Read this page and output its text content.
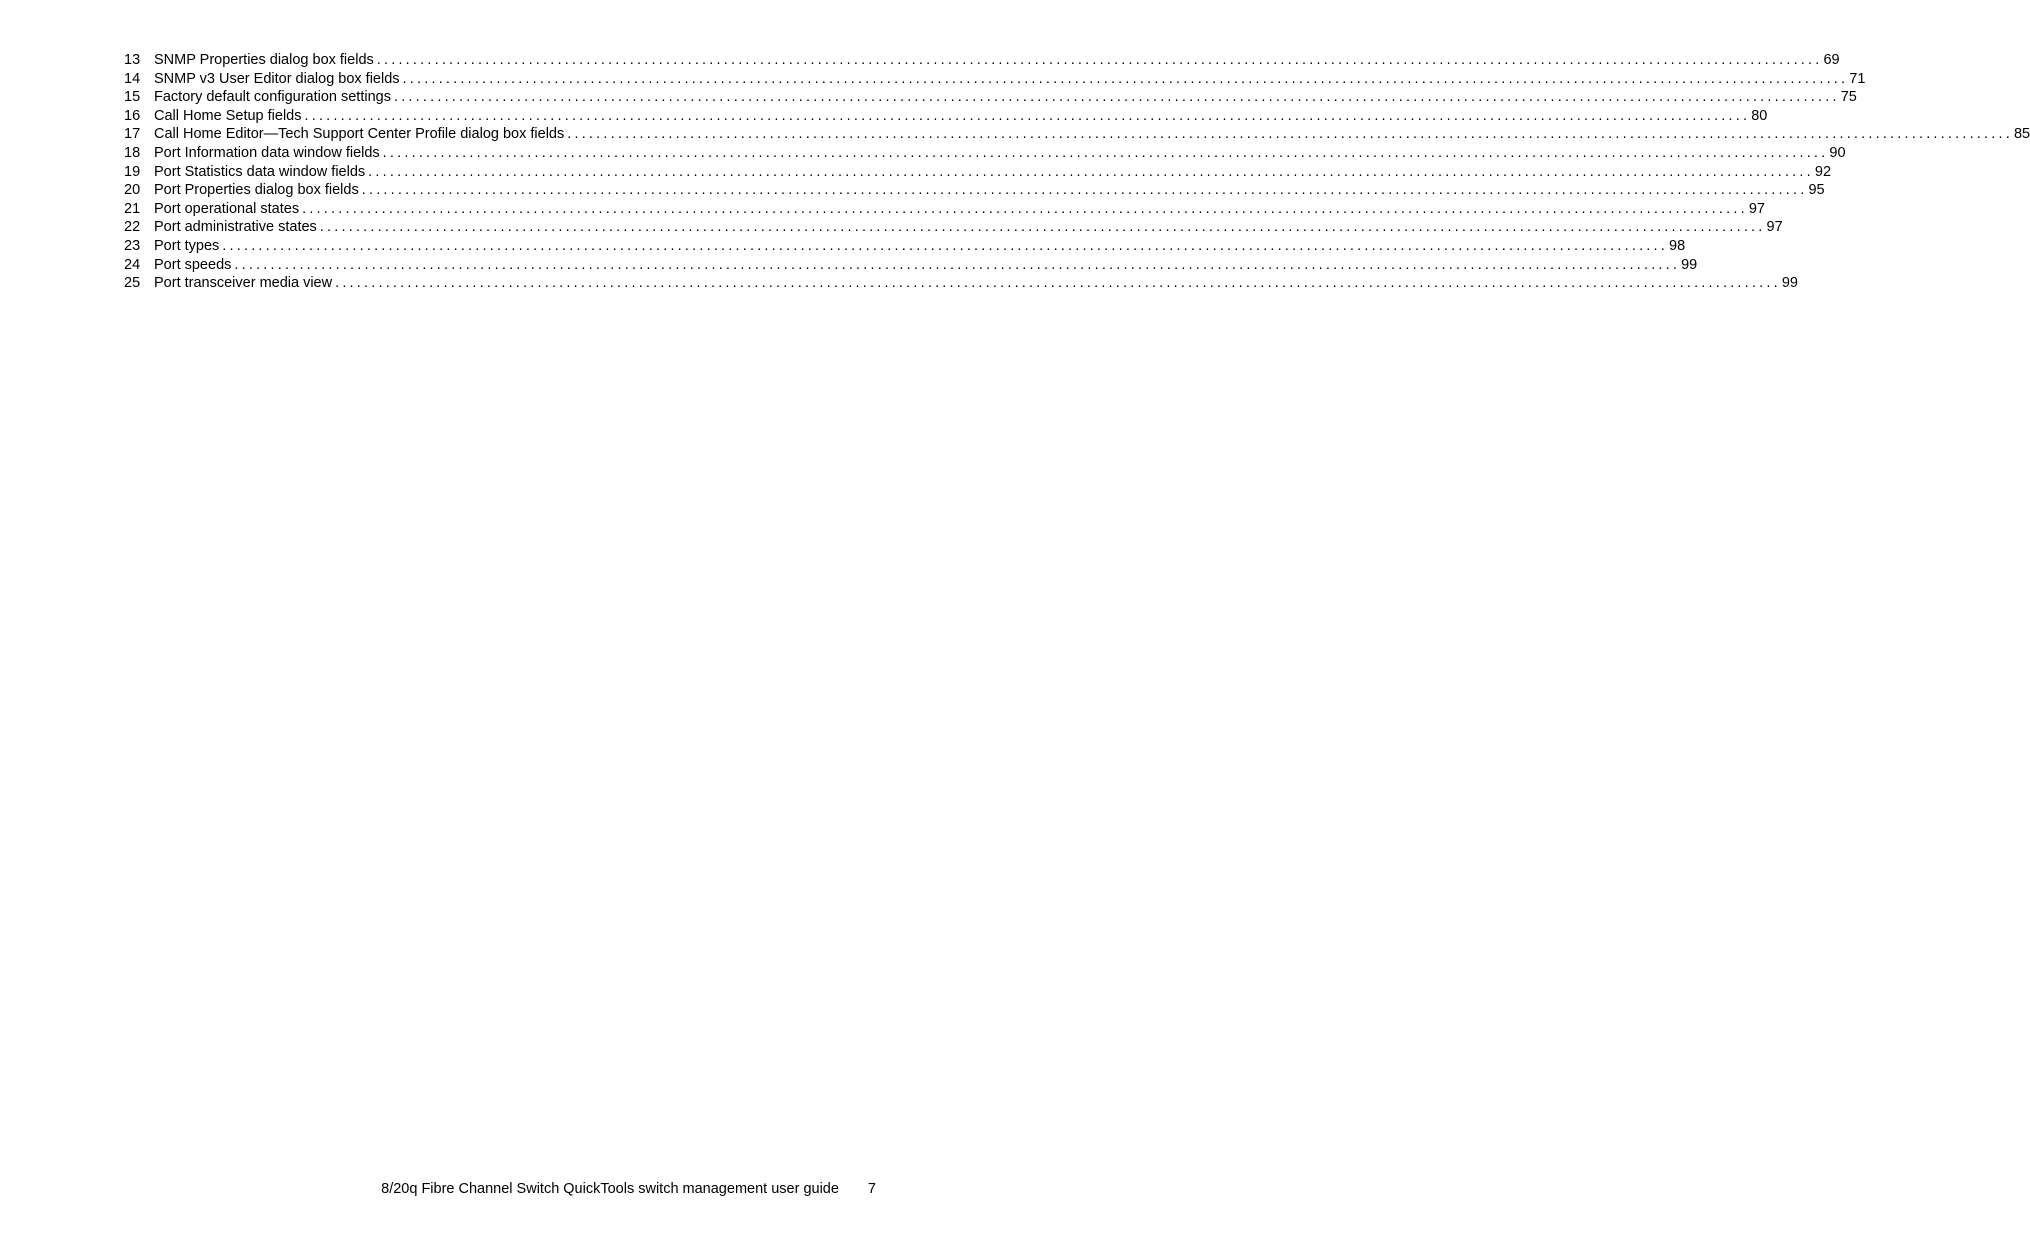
13 SNMP Properties dialog box fields ........................................................................................................................................................................................................ 69
14 SNMP v3 User Editor dialog box fields ........................................................................................................................................................................................................ 71
15 Factory default configuration settings ........................................................................................................................................................................................................ 75
16 Call Home Setup fields ........................................................................................................................................................................................................ 80
17 Call Home Editor—Tech Support Center Profile dialog box fields ........................................................................................................................................................................................................ 85
18 Port Information data window fields ........................................................................................................................................................................................................ 90
19 Port Statistics data window fields ........................................................................................................................................................................................................ 92
20 Port Properties dialog box fields ........................................................................................................................................................................................................ 95
21 Port operational states ........................................................................................................................................................................................................ 97
22 Port administrative states ........................................................................................................................................................................................................ 97
23 Port types ........................................................................................................................................................................................................ 98
24 Port speeds ........................................................................................................................................................................................................ 99
25 Port transceiver media view ........................................................................................................................................................................................................ 99
8/20q Fibre Channel Switch QuickTools switch management user guide 7
